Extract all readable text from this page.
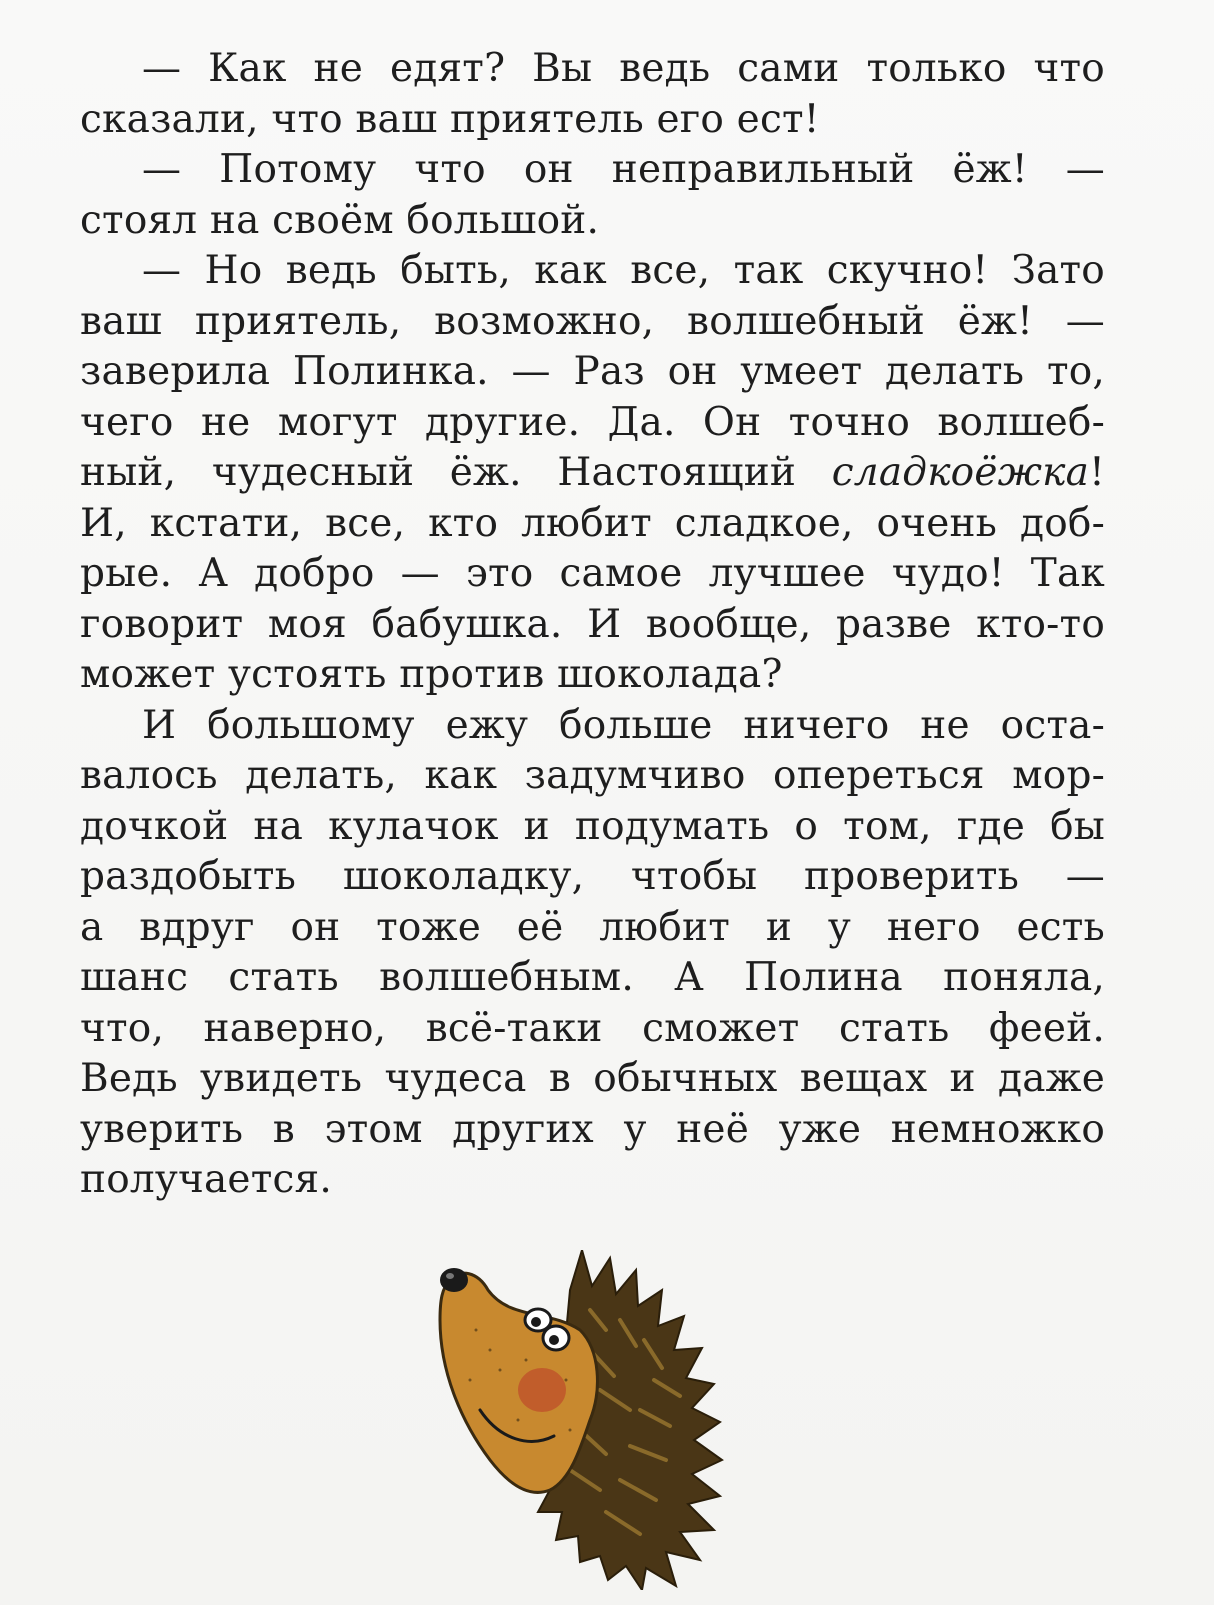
— Как не едят? Вы ведь сами только что
сказали, что ваш приятель его ест!

— Потому что он неправильный ёж! —
стоял на своём большой.

— Но ведь быть, как все, так скучно! Зато
ваш приятель, возможно, волшебный ёж! —
заверила Полинка. — Раз он умеет делать то,
чего не могут другие. Да. Он точно волшеб-
ный, чудесный ёж. Настоящий сладкоёжка!
И, кстати, все, кто любит сладкое, очень доб-
рые. А добро — это самое лучшее чудо! Так
говорит моя бабушка. И вообще, разве кто-то
может устоять против шоколада?

И большому ежу больше ничего не оста-
валось делать, как задумчиво опереться мор-
дочкой на кулачок и подумать о том, где бы
раздобыть шоколадку, чтобы проверить —
а вдруг он тоже её любит и у него есть
шанс стать волшебным. А Полина поняла,
что, наверно, всё-таки сможет стать феей.
Ведь увидеть чудеса в обычных вещах и даже
уверить в этом других у неё уже немножко
получается.
